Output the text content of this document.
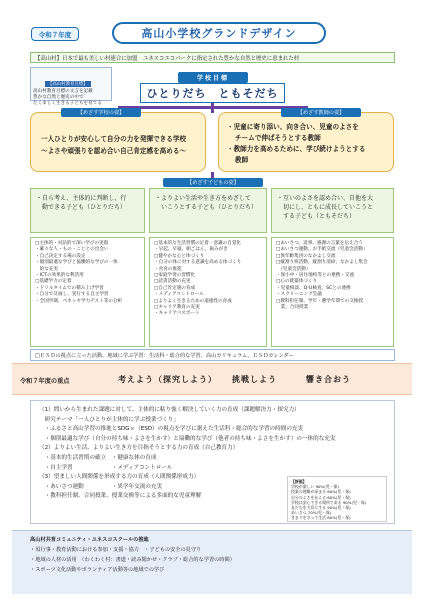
令和７年度	高山小学校グランドデザイン
【高山村】日本で最も美しい村連合に加盟　ユネスコエコパークに指定された豊かな自然と歴史に恵まれた村
【高山村教育目標】
高山村教育目標の文言を記載
豊かな自然と歴史の中で
たくましく生きる子どもを育てる
学校目標
ひとりだち　ともそだち
【めざす学校の姿】
一人ひとりが安心して自分の力を発揮できる学校
～よさや頑張りを認め合い自己肯定感を高める～
【めざす教師の姿】
・児童に寄り添い、向き合い、児童のよさを
チームで伸ばそうとする教師
・教師力を高めるために、学び続けようとする
教師
【めざす子どもの姿】
・自ら考え、主体的に判断し、行
動できる子ども（ひとりだち）
・よりよい生活や生き方をめざして
いこうとする子ども（ひとりだち）
・互いのよさを認め合い、自他を大
切にし、ともに成長していこうと
する子ども（ともそだち）
□主体的・対話的で深い学びの実現
・確々な人・もの・こととの出会い
・自己決定する場の設定
・個別最適な学びと協働的な学びの一体
　的な充実
・ICTの効果的な利活用
□基礎学力の定着
・ドリルタイムでの積み上げ学習
・自分で計画し、実行する自主学習
・全国学調、ベネッセ学力テスト等の分析
□基本的な生活習慣の定着・意識の自覚化
・早起、早寝、朝ごはん、歯みがき
□健やかな心と体づくり
・自分の体に対する意識を高める体づくり
・食育の推進
□家庭学習の習慣化
□読書活動の充実
□自己肯定感の育成
・メディアコントロール
□よりよく生きるための道徳性の育成
□キャリア教育の充実
・キャリアパスポート
□あいさつ、返事、感謝の言葉を伝え合う
□あいさつ運動、お手紙交流（児童会活動）
□異年齢集団のなかよし交流
□縦割り班活動、縦割り清掃、なかよし集会
　（児童会活動）
・保小中・居住地校等との連携・交流
□心の就築体づくり
・児童相談、Q-U検査、SCとの連携
・スクリーニング会議
□教科担任制、学年・選学年間での交換授
　業、合同授業
□ＥＳＤの視点に立った活動、地域に学ぶ学習：生活科・総合的な学習、高山カリキュラム、ＥＳＤカレンダー
令和７年度の重点	考えよう（探究しよう） 挑戦しよう	響き合おう
（1）問いから生まれた課題に対して、主体的に粘り強く解決していく力の育成（課題解決力・探究力）
　研究テーマ「一人ひとりが主体的に学ぶ授業づくり」
　・ふるさと高山学習の推進とSDGｓ（ESD）の視点を学びに据えた生活科・総合的な学習の時間の充実
　・個別最適な学び（自分の持ち味・よさを生かす）と協働的な学び（他者の持ち味・よさを生かす）の一体的な充実
（2）よりよい生活、よりよい生き方を目指そうとする力の育成（自己教育力）
　・基本的生活習慣の確立　・健康な体の育成
　・自主学習　　　　　　　・メディアコントロール
（3）望ましい人間関係を形成する力の育成（人間関係形成力）
　・あいさつ運動　　　　　・異学年交流の充実
　・教科担任制、合同授業、授業交換等による多面的な児童理解
【評価】
学校が楽しい 90%(児・保)
授業の理解が深まる 80%(児・保)
自分のよさを伝える 80%(児・保)
学校は安心できる場所である 90%(児・保)
友だちを大切にする 90%(児・保)
あいさつ 70%(児・保)
きまりを守って生活 80%(児・保)
高山村共育コミュニティ・ユネスコスクールの推進
・須行事・教育活動における参加・支援・協力　・子どもの安全の見守り
・地域の人材の活用　（わくわく村：書道・読み聞かせ・クラブ・総合的な学習の時間）
・スポーツ文化活動やボランティア活動等の地域での学び
